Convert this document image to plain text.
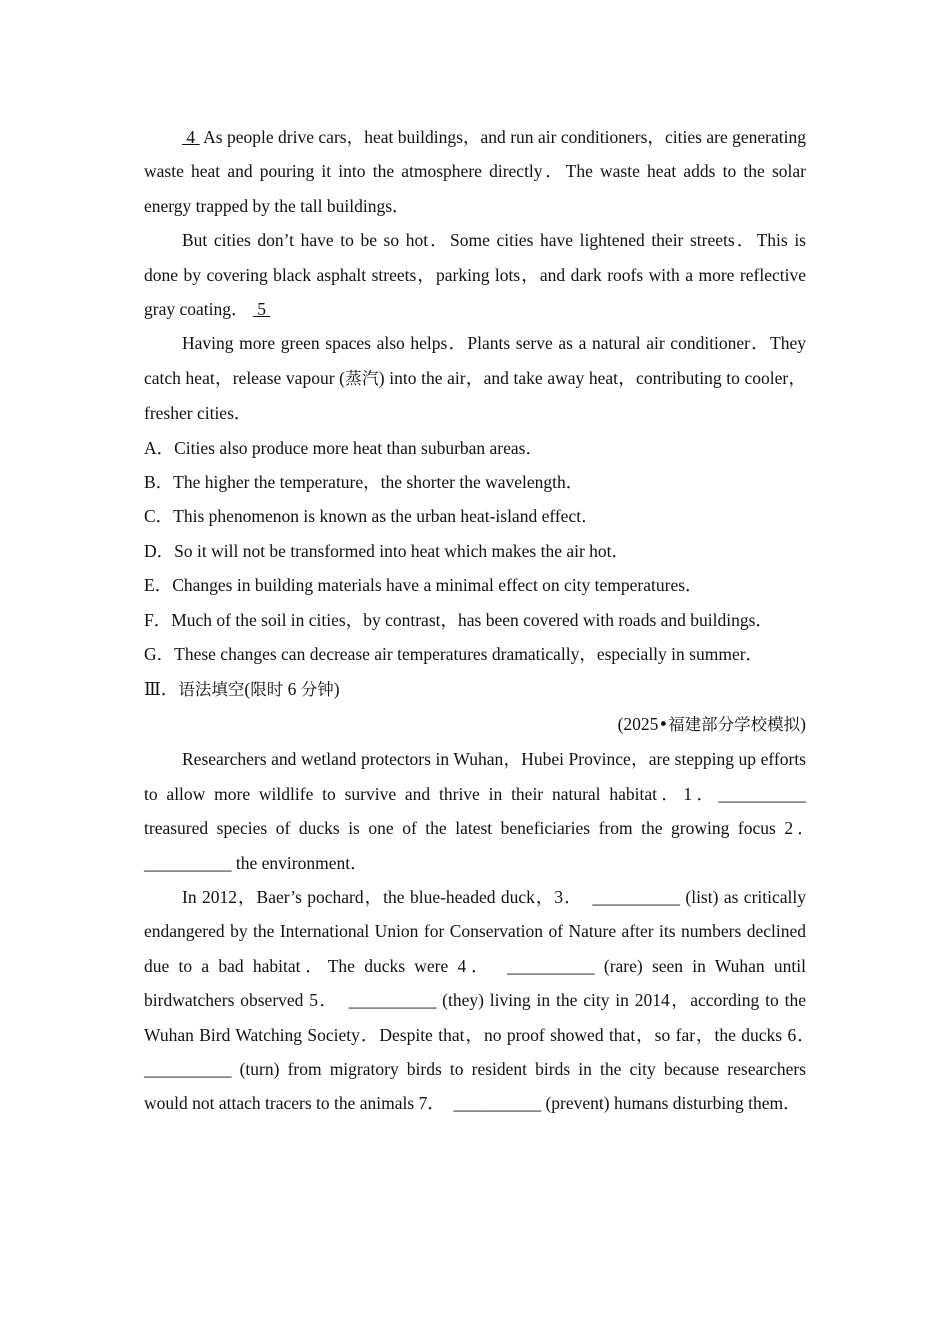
4  As people drive cars，heat buildings，and run air conditioners，cities are generating waste heat and pouring it into the atmosphere directly．The waste heat adds to the solar energy trapped by the tall buildings．

But cities don’t have to be so hot．Some cities have lightened their streets．This is done by covering black asphalt streets，parking lots，and dark roofs with a more reflective gray coating．  5

Having more green spaces also helps．Plants serve as a natural air conditioner．They catch heat，release vapour (蒸汽) into the air，and take away heat，contributing to cooler，fresher cities．

A．Cities also produce more heat than suburban areas．

B．The higher the temperature，the shorter the wavelength．

C．This phenomenon is known as the urban heat-island effect．

D．So it will not be transformed into heat which makes the air hot．

E．Changes in building materials have a minimal effect on city temperatures．

F．Much of the soil in cities，by contrast，has been covered with roads and buildings．

G．These changes can decrease air temperatures dramatically，especially in summer．

Ⅲ．语法填空(限时 6 分钟)

(2025•福建部分学校模拟)

Researchers and wetland protectors in Wuhan，Hubei Province，are stepping up efforts to allow more wildlife to survive and thrive in their natural habitat．1．__________ treasured species of ducks is one of the latest beneficiaries from the growing focus 2．　__________ the environment．

In 2012，Baer’s pochard，the blue-headed duck，3．　__________ (list) as critically endangered by the International Union for Conservation of Nature after its numbers declined due to a bad habitat．The ducks were 4．　__________ (rare) seen in Wuhan until birdwatchers observed 5．　__________ (they) living in the city in 2014，according to the Wuhan Bird Watching Society．Despite that，no proof showed that，so far，the ducks 6．　__________ (turn) from migratory birds to resident birds in the city because researchers would not attach tracers to the animals 7．　__________ (prevent) humans disturbing them．
